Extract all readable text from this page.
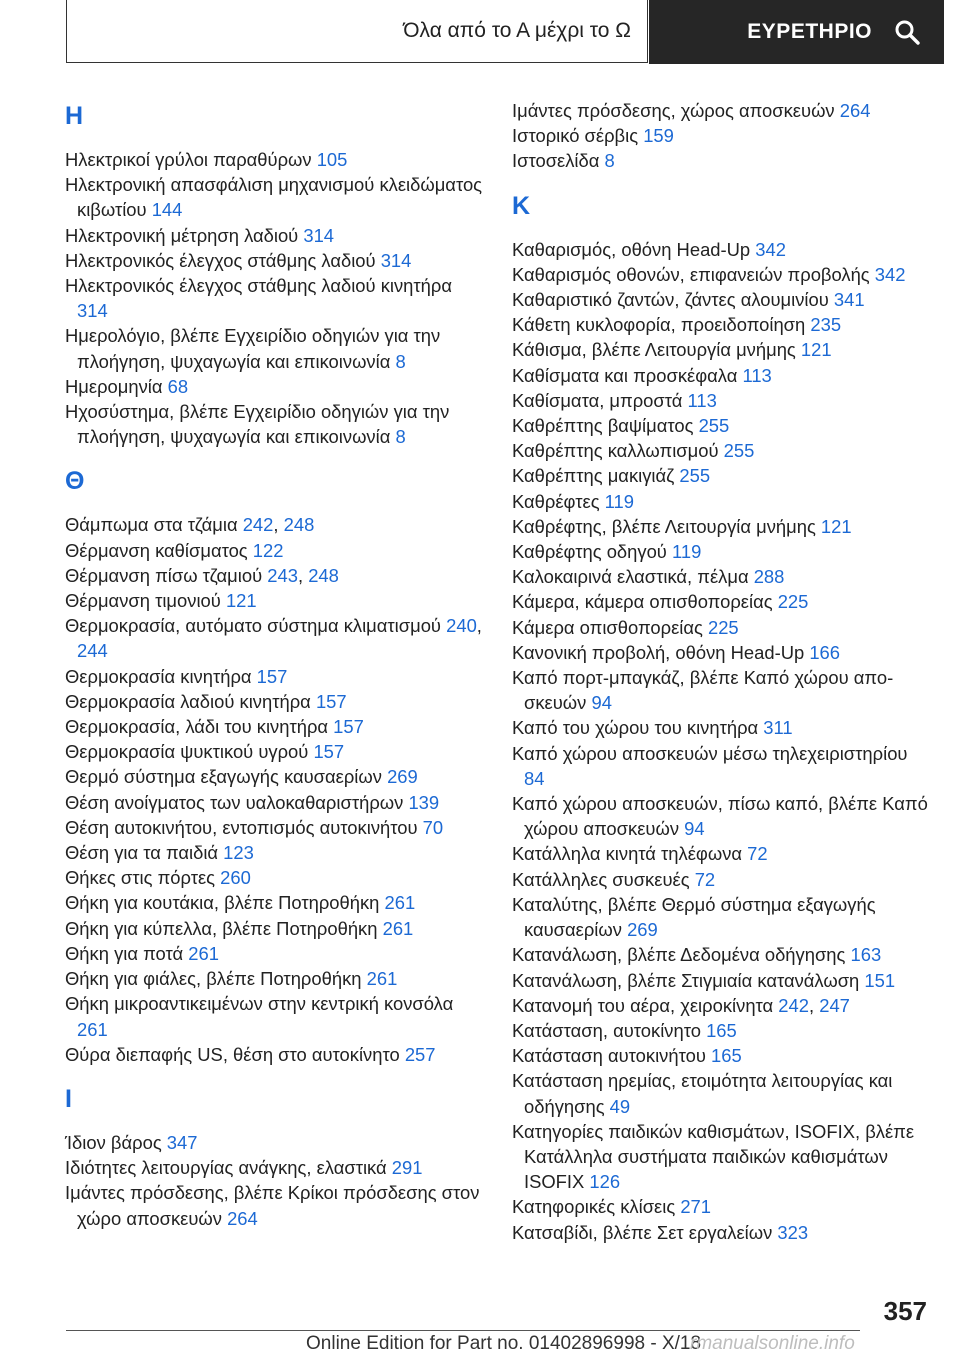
Όλα από το Α μέχρι το Ω	ΕΥΡΕΤΗΡΙΟ
Η
Ηλεκτρικοί γρύλοι παραθύρων 105
Ηλεκτρονική απασφάλιση μηχανισμού κλειδώματος κιβωτίου 144
Ηλεκτρονική μέτρηση λαδιού 314
Ηλεκτρονικός έλεγχος στάθμης λαδιού 314
Ηλεκτρονικός έλεγχος στάθμης λαδιού κινητήρα 314
Ημερολόγιο, βλέπε Εγχειρίδιο οδηγιών για την πλοήγηση, ψυχαγωγία και επικοινωνία 8
Ημερομηνία 68
Ηχοσύστημα, βλέπε Εγχειρίδιο οδηγιών για την πλοήγηση, ψυχαγωγία και επικοινωνία 8
Θ
Θάμπωμα στα τζάμια 242, 248
Θέρμανση καθίσματος 122
Θέρμανση πίσω τζαμιού 243, 248
Θέρμανση τιμονιού 121
Θερμοκρασία, αυτόματο σύστημα κλιματισμού 240, 244
Θερμοκρασία κινητήρα 157
Θερμοκρασία λαδιού κινητήρα 157
Θερμοκρασία, λάδι του κινητήρα 157
Θερμοκρασία ψυκτικού υγρού 157
Θερμό σύστημα εξαγωγής καυσαερίων 269
Θέση ανοίγματος των υαλοκαθαριστήρων 139
Θέση αυτοκινήτου, εντοπισμός αυτοκινήτου 70
Θέση για τα παιδιά 123
Θήκες στις πόρτες 260
Θήκη για κουτάκια, βλέπε Ποτηροθήκη 261
Θήκη για κύπελλα, βλέπε Ποτηροθήκη 261
Θήκη για ποτά 261
Θήκη για φιάλες, βλέπε Ποτηροθήκη 261
Θήκη μικροαντικειμένων στην κεντρική κονσόλα 261
Θύρα διεπαφής US, θέση στο αυτοκίνητο 257
Ι
Ίδιον βάρος 347
Ιδιότητες λειτουργίας ανάγκης, ελαστικά 291
Ιμάντες πρόσδεσης, βλέπε Κρίκοι πρόσδεσης στον χώρο αποσκευών 264
Ιμάντες πρόσδεσης, χώρος αποσκευών 264
Ιστορικό σέρβις 159
Ιστοσελίδα 8
Κ
Καθαρισμός, οθόνη Head-Up 342
Καθαρισμός οθονών, επιφανειών προβολής 342
Καθαριστικό ζαντών, ζάντες αλουμινίου 341
Κάθετη κυκλοφορία, προειδοποίηση 235
Κάθισμα, βλέπε Λειτουργία μνήμης 121
Καθίσματα και προσκέφαλα 113
Καθίσματα, μπροστά 113
Καθρέπτης βαψίματος 255
Καθρέπτης καλλωπισμού 255
Καθρέπτης μακιγιάζ 255
Καθρέφτες 119
Καθρέφτης, βλέπε Λειτουργία μνήμης 121
Καθρέφτης οδηγού 119
Καλοκαιρινά ελαστικά, πέλμα 288
Κάμερα, κάμερα οπισθοπορείας 225
Κάμερα οπισθοπορείας 225
Κανονική προβολή, οθόνη Head-Up 166
Καπό πορτ-μπαγκάζ, βλέπε Καπό χώρου αποσκευών 94
Καπό του χώρου του κινητήρα 311
Καπό χώρου αποσκευών μέσω τηλεχειριστηρίου 84
Καπό χώρου αποσκευών, πίσω καπό, βλέπε Καπό χώρου αποσκευών 94
Κατάλληλα κινητά τηλέφωνα 72
Κατάλληλες συσκευές 72
Καταλύτης, βλέπε Θερμό σύστημα εξαγωγής καυσαερίων 269
Κατανάλωση, βλέπε Δεδομένα οδήγησης 163
Κατανάλωση, βλέπε Στιγμιαία κατανάλωση 151
Κατανομή του αέρα, χειροκίνητα 242, 247
Κατάσταση, αυτοκίνητο 165
Κατάσταση αυτοκινήτου 165
Κατάσταση ηρεμίας, ετοιμότητα λειτουργίας και οδήγησης 49
Κατηγορίες παιδικών καθισμάτων, ISOFIX, βλέπε Κατάλληλα συστήματα παιδικών καθισμάτων ISOFIX 126
Κατηφορικές κλίσεις 271
Κατσαβίδι, βλέπε Σετ εργαλείων 323
357
Online Edition for Part no. 01402896998 - X/18
rmanualsonline.info
